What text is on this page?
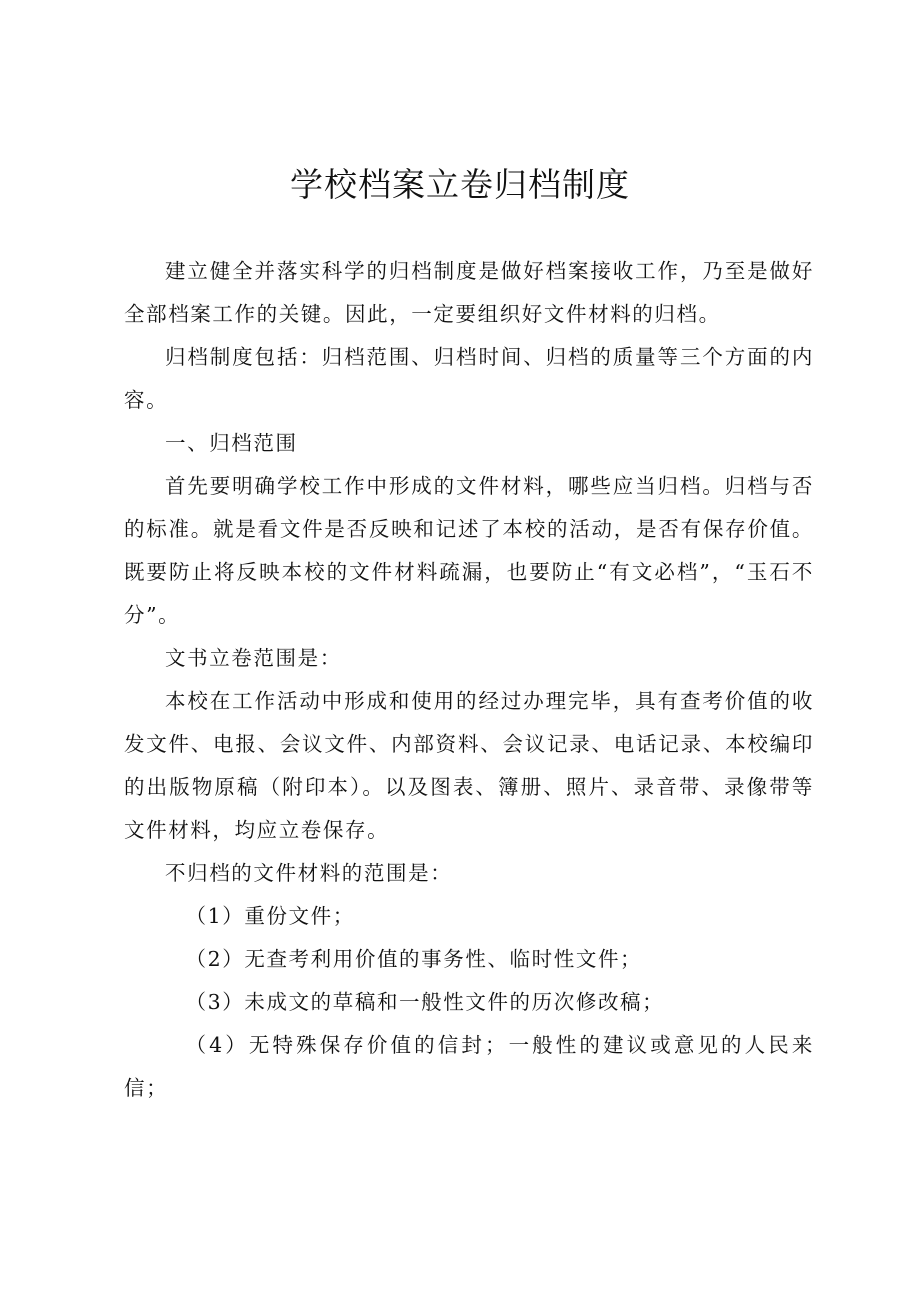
学校档案立卷归档制度

建立健全并落实科学的归档制度是做好档案接收工作，乃至是做好全部档案工作的关键。因此，一定要组织好文件材料的归档。

归档制度包括：归档范围、归档时间、归档的质量等三个方面的内容。

一、归档范围

首先要明确学校工作中形成的文件材料，哪些应当归档。归档与否的标准。就是看文件是否反映和记述了本校的活动，是否有保存价值。既要防止将反映本校的文件材料疏漏，也要防止“有文必档”，“玉石不分”。

文书立卷范围是：

本校在工作活动中形成和使用的经过办理完毕，具有查考价值的收发文件、电报、会议文件、内部资料、会议记录、电话记录、本校编印的出版物原稿（附印本）。以及图表、簿册、照片、录音带、录像带等文件材料，均应立卷保存。

不归档的文件材料的范围是：

（1）重份文件；

（2）无查考利用价值的事务性、临时性文件；

（3）未成文的草稿和一般性文件的历次修改稿；

（4）无特殊保存价值的信封；一般性的建议或意见的人民来信；
